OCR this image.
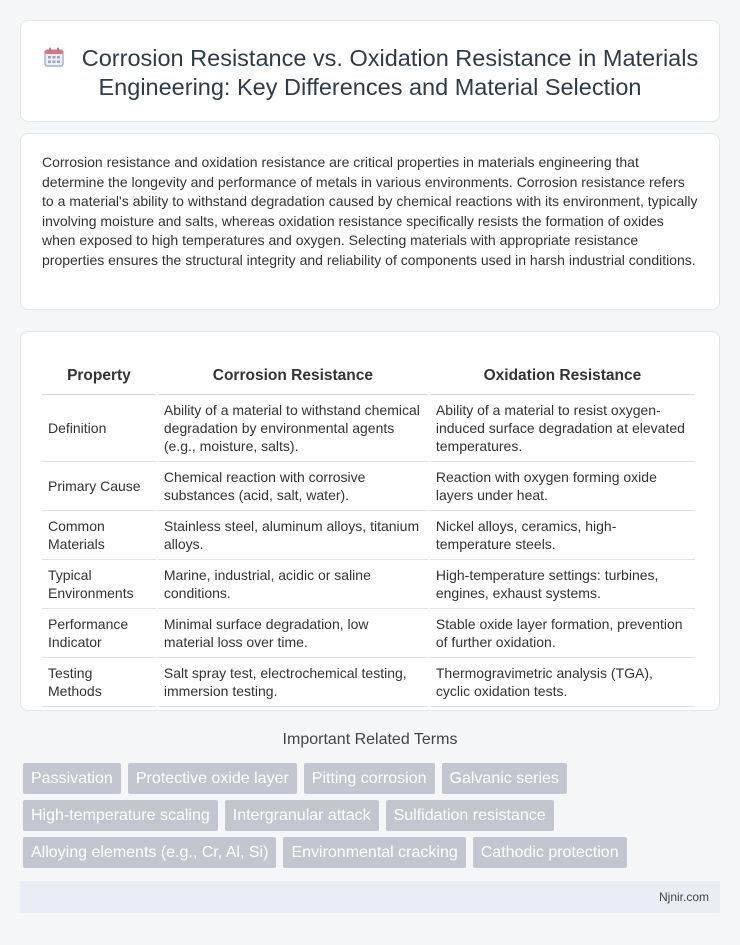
Corrosion Resistance vs. Oxidation Resistance in Materials Engineering: Key Differences and Material Selection

Corrosion resistance and oxidation resistance are critical properties in materials engineering that determine the longevity and performance of metals in various environments. Corrosion resistance refers to a material's ability to withstand degradation caused by chemical reactions with its environment, typically involving moisture and salts, whereas oxidation resistance specifically resists the formation of oxides when exposed to high temperatures and oxygen. Selecting materials with appropriate resistance properties ensures the structural integrity and reliability of components used in harsh industrial conditions.

Property	Corrosion Resistance	Oxidation Resistance
Definition	Ability of a material to withstand chemical degradation by environmental agents (e.g., moisture, salts).	Ability of a material to resist oxygen-induced surface degradation at elevated temperatures.
Primary Cause	Chemical reaction with corrosive substances (acid, salt, water).	Reaction with oxygen forming oxide layers under heat.
Common Materials	Stainless steel, aluminum alloys, titanium alloys.	Nickel alloys, ceramics, high-temperature steels.
Typical Environments	Marine, industrial, acidic or saline conditions.	High-temperature settings: turbines, engines, exhaust systems.
Performance Indicator	Minimal surface degradation, low material loss over time.	Stable oxide layer formation, prevention of further oxidation.
Testing Methods	Salt spray test, electrochemical testing, immersion testing.	Thermogravimetric analysis (TGA), cyclic oxidation tests.
Important Related Terms
Passivation	Protective oxide layer	Pitting corrosion	Galvanic series
High-temperature scaling	Intergranular attack	Sulfidation resistance
Alloying elements (e.g., Cr, Al, Si)	Environmental cracking	Cathodic protection
Njnir.com
